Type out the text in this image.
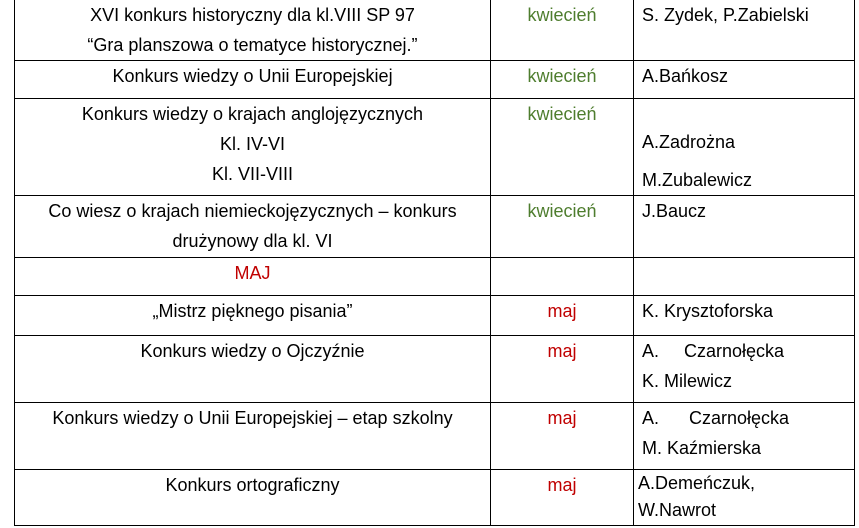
XVI konkurs historyczny dla kl.VIII SP 97
“Gra planszowa o tematyce historycznej.”	kwiecień	S. Zydek, P.Zabielski

Konkurs wiedzy o Unii Europejskiej	kwiecień	A.Bańkosz

Konkurs wiedzy o krajach anglojęzycznych
Kl. IV-VI
Kl. VII-VIII	kwiecień	A.Zadrożna
M.Zubalewicz

Co wiesz o krajach niemieckojęzycznych – konkurs
drużynowy dla kl. VI	kwiecień	J.Baucz

MAJ		

„Mistrz pięknego pisania”	maj	K. Krysztoforska

Konkurs wiedzy o Ojczyźnie	maj	A.     Czarnołęcka
K. Milewicz

Konkurs wiedzy o Unii Europejskiej – etap szkolny	maj	A.      Czarnołęcka
M. Kaźmierska

Konkurs ortograficzny	maj	A.Demeńczuk,
W.Nawrot
